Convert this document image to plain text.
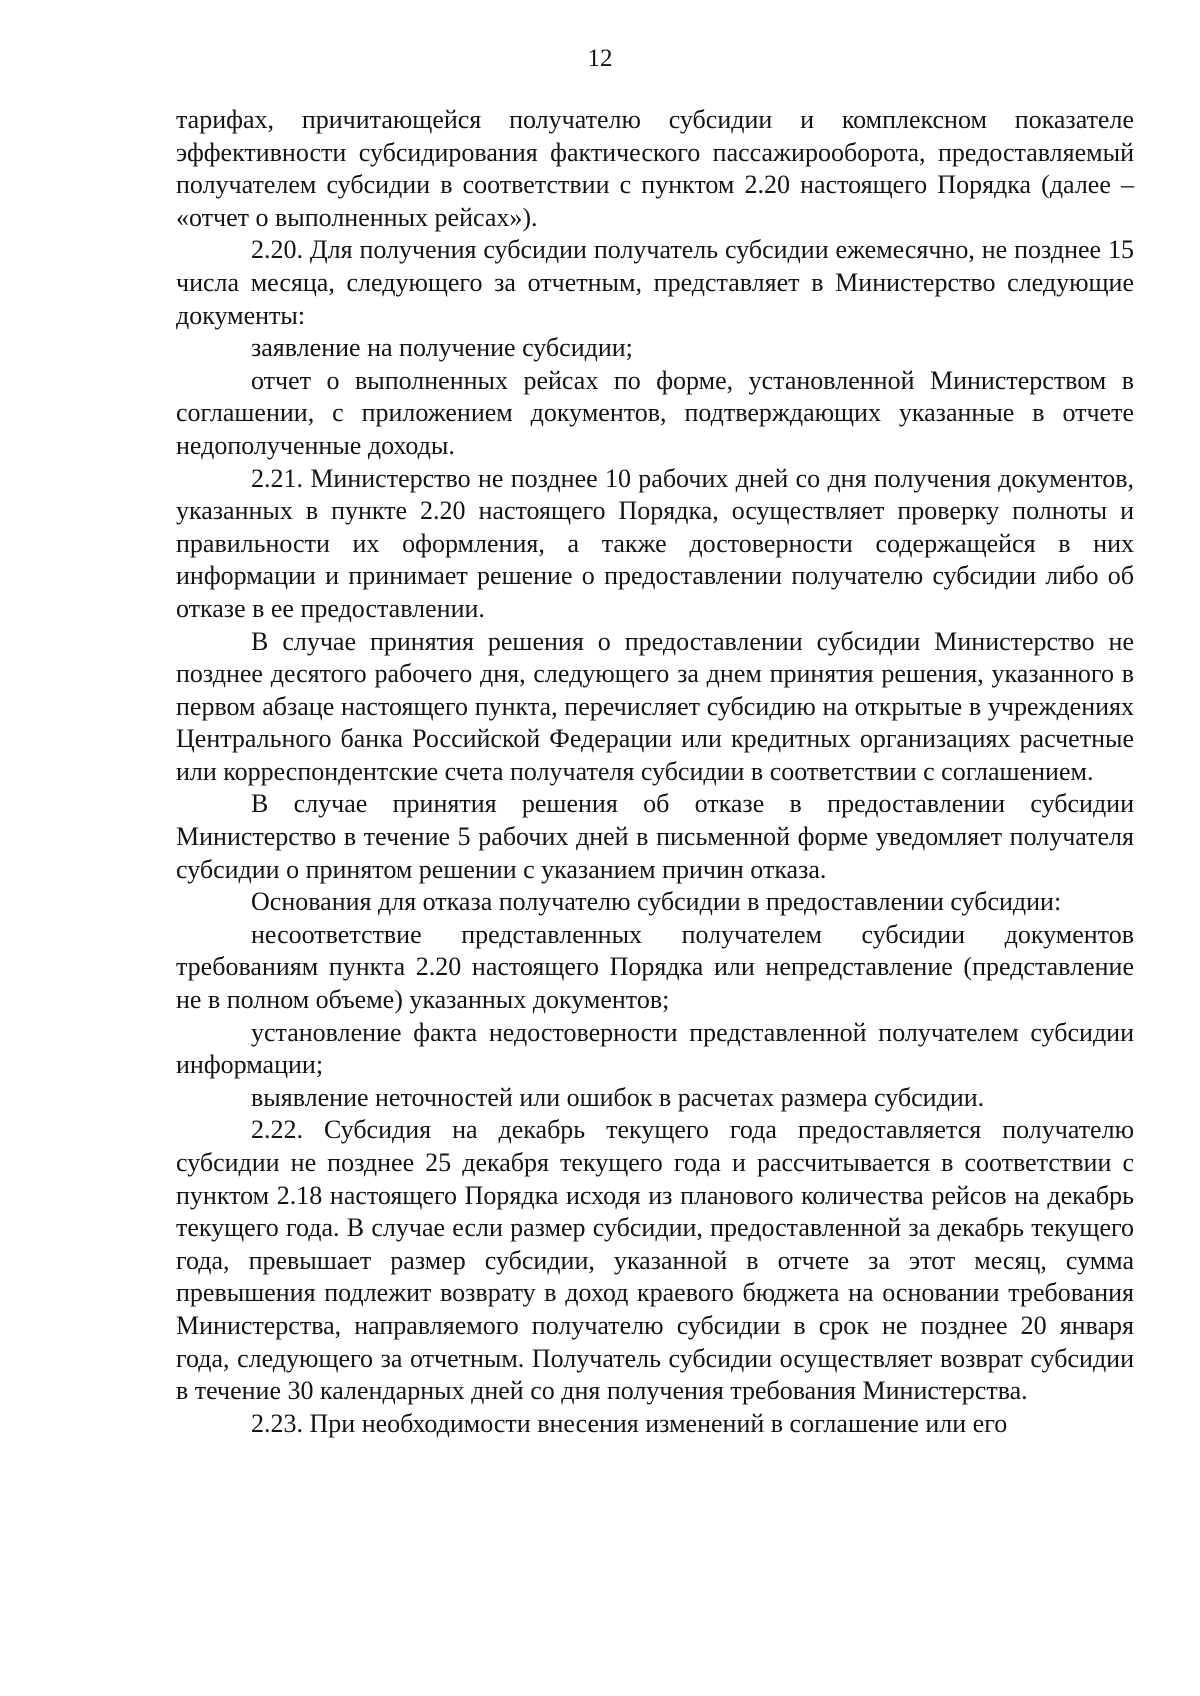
12

тарифах, причитающейся получателю субсидии и комплексном показателе эффективности субсидирования фактического пассажирооборота, предоставляемый получателем субсидии в соответствии с пунктом 2.20 настоящего Порядка (далее – «отчет о выполненных рейсах»).

2.20. Для получения субсидии получатель субсидии ежемесячно, не позднее 15 числа месяца, следующего за отчетным, представляет в Министерство следующие документы:

заявление на получение субсидии;

отчет о выполненных рейсах по форме, установленной Министерством в соглашении, с приложением документов, подтверждающих указанные в отчете недополученные доходы.

2.21. Министерство не позднее 10 рабочих дней со дня получения документов, указанных в пункте 2.20 настоящего Порядка, осуществляет проверку полноты и правильности их оформления, а также достоверности содержащейся в них информации и принимает решение о предоставлении получателю субсидии либо об отказе в ее предоставлении.

В случае принятия решения о предоставлении субсидии Министерство не позднее десятого рабочего дня, следующего за днем принятия решения, указанного в первом абзаце настоящего пункта, перечисляет субсидию на открытые в учреждениях Центрального банка Российской Федерации или кредитных организациях расчетные или корреспондентские счета получателя субсидии в соответствии с соглашением.

В случае принятия решения об отказе в предоставлении субсидии Министерство в течение 5 рабочих дней в письменной форме уведомляет получателя субсидии о принятом решении с указанием причин отказа.

Основания для отказа получателю субсидии в предоставлении субсидии:

несоответствие представленных получателем субсидии документов требованиям пункта 2.20 настоящего Порядка или непредставление (представление не в полном объеме) указанных документов;

установление факта недостоверности представленной получателем субсидии информации;

выявление неточностей или ошибок в расчетах размера субсидии.

2.22. Субсидия на декабрь текущего года предоставляется получателю субсидии не позднее 25 декабря текущего года и рассчитывается в соответствии с пунктом 2.18 настоящего Порядка исходя из планового количества рейсов на декабрь текущего года. В случае если размер субсидии, предоставленной за декабрь текущего года, превышает размер субсидии, указанной в отчете за этот месяц, сумма превышения подлежит возврату в доход краевого бюджета на основании требования Министерства, направляемого получателю субсидии в срок не позднее 20 января года, следующего за отчетным. Получатель субсидии осуществляет возврат субсидии в течение 30 календарных дней со дня получения требования Министерства.

2.23. При необходимости внесения изменений в соглашение или его
